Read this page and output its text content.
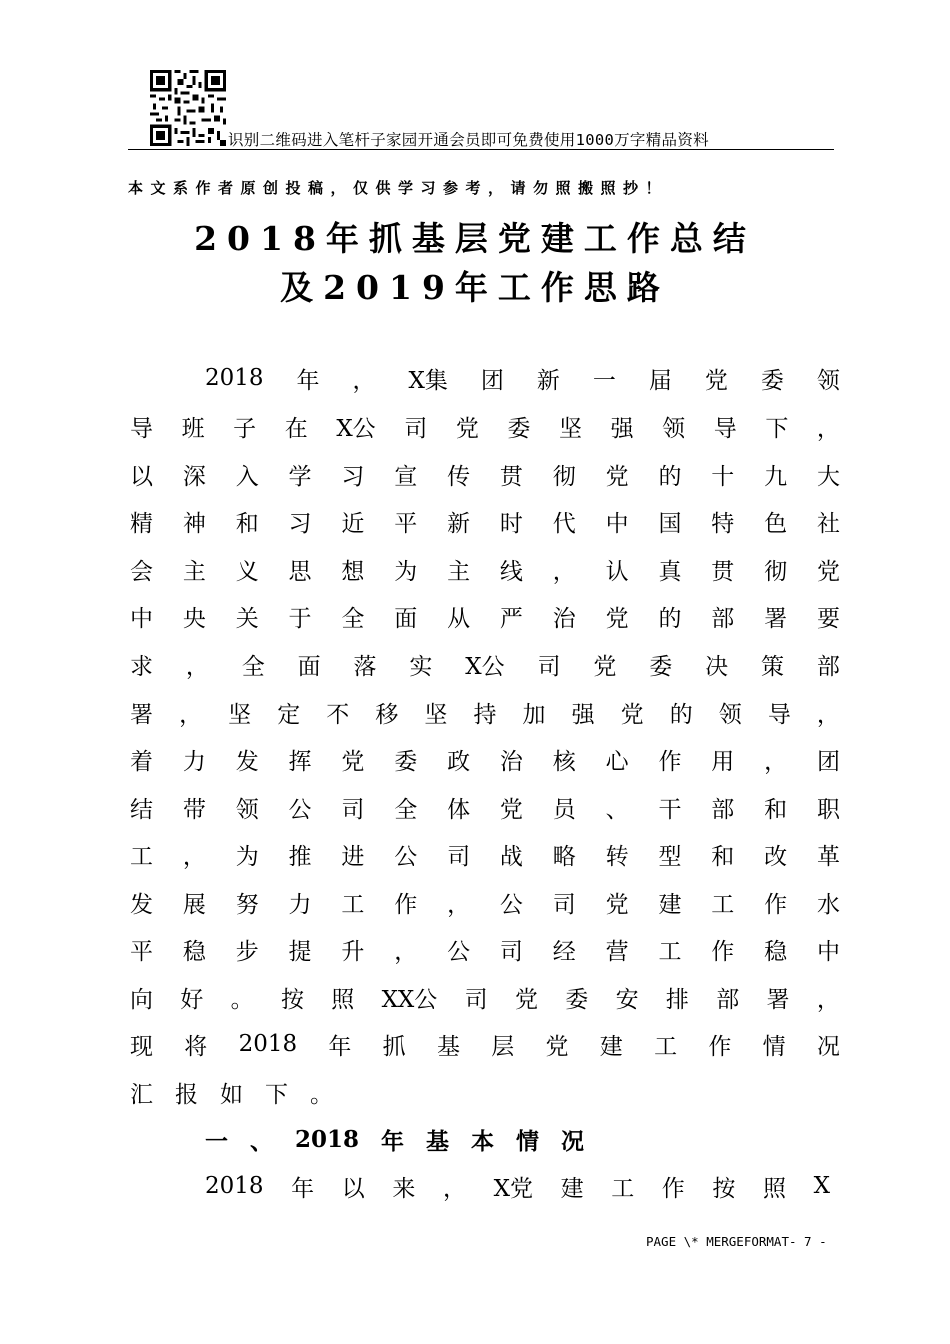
识别二维码进入笔杆子家园开通会员即可免费使用1000万字精品资料
本文系作者原创投稿，仅供学习参考，请勿照搬照抄！
2018年抓基层党建工作总结
及2019年工作思路
2018 年 ， X集 团 新 一 届 党 委 领
导 班 子 在 X公 司 党 委 坚 强 领 导 下 ，
以 深 入 学 习 宣 传 贯 彻 党 的 十 九 大
精 神 和 习 近 平 新 时 代 中 国 特 色 社
会 主 义 思 想 为 主 线 ， 认 真 贯 彻 党
中 央 关 于 全 面 从 严 治 党 的 部 署 要
求 ， 全 面 落 实 X公 司 党 委 决 策 部
署 ， 坚 定 不 移 坚 持 加 强 党 的 领 导 ，
着 力 发 挥 党 委 政 治 核 心 作 用 ， 团
结 带 领 公 司 全 体 党 员 、 干 部 和 职
工 ， 为 推 进 公 司 战 略 转 型 和 改 革
发 展 努 力 工 作 ， 公 司 党 建 工 作 水
平 稳 步 提 升 ， 公 司 经 营 工 作 稳 中
向 好 。 按 照 XX公 司 党 委 安 排 部 署 ，
现 将 2018 年 抓 基 层 党 建 工 作 情 况
汇 报 如 下 。
一 、 2018 年 基 本 情 况
2018 年 以 来 ， X党 建 工 作 按 照 X
PAGE \* MERGEFORMAT- 7 -
